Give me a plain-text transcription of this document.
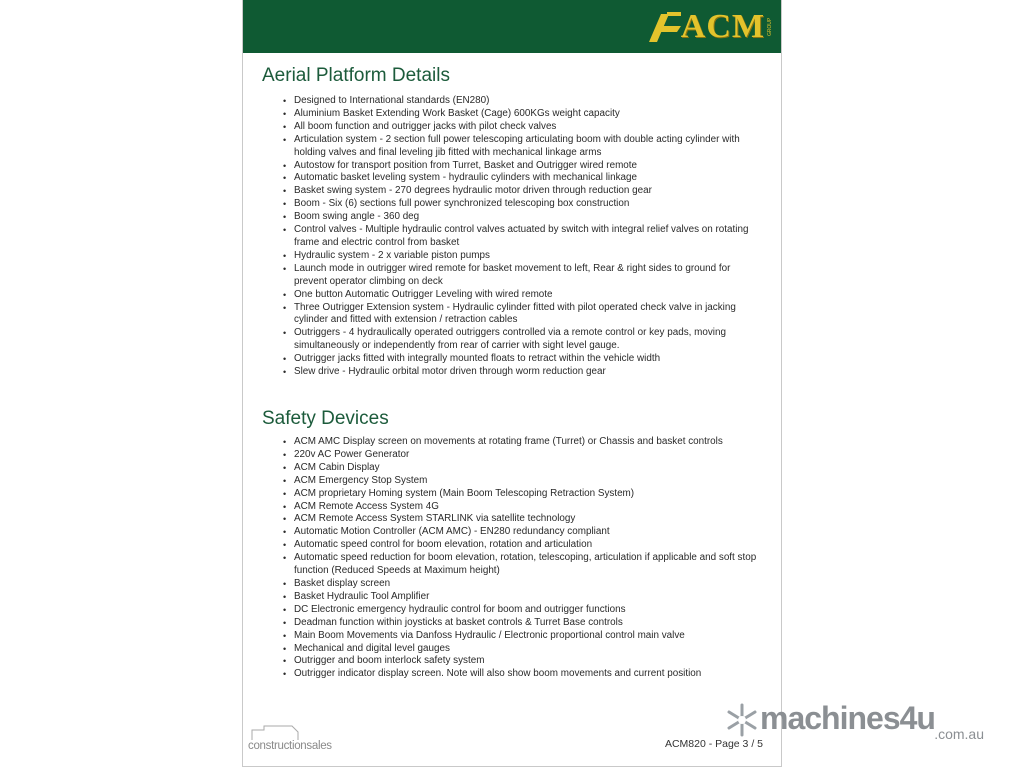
ACM GROUP
Aerial Platform Details
• Designed to International standards (EN280)
• Aluminium Basket Extending Work Basket (Cage) 600KGs weight capacity
• All boom function and outrigger jacks with pilot check valves
• Articulation system - 2 section full power telescoping articulating boom with double acting cylinder with holding valves and final leveling jib fitted with mechanical linkage arms
• Autostow for transport position from Turret, Basket and Outrigger wired remote
• Automatic basket leveling system - hydraulic cylinders with mechanical linkage
• Basket swing system - 270 degrees hydraulic motor driven through reduction gear
• Boom - Six (6) sections full power synchronized telescoping box construction
• Boom swing angle - 360 deg
• Control valves - Multiple hydraulic control valves actuated by switch with integral relief valves on rotating frame and electric control from basket
• Hydraulic system - 2 x variable piston pumps
• Launch mode in outrigger wired remote for basket movement to left, Rear & right sides to ground for prevent operator climbing on deck
• One button Automatic Outrigger Leveling with wired remote
• Three Outrigger Extension system - Hydraulic cylinder fitted with pilot operated check valve in jacking cylinder and fitted with extension / retraction cables
• Outriggers - 4 hydraulically operated outriggers controlled via a remote control or key pads, moving simultaneously or independently from rear of carrier with sight level gauge.
• Outrigger jacks fitted with integrally mounted floats to retract within the vehicle width
• Slew drive - Hydraulic orbital motor driven through worm reduction gear
Safety Devices
• ACM AMC Display screen on movements at rotating frame (Turret) or Chassis and basket controls
• 220v AC Power Generator
• ACM Cabin Display
• ACM Emergency Stop System
• ACM proprietary Homing system (Main Boom Telescoping Retraction System)
• ACM Remote Access System 4G
• ACM Remote Access System STARLINK via satellite technology
• Automatic Motion Controller (ACM AMC) - EN280 redundancy compliant
• Automatic speed control for boom elevation, rotation and articulation
• Automatic speed reduction for boom elevation, rotation, telescoping, articulation if applicable and soft stop function (Reduced Speeds at Maximum height)
• Basket display screen
• Basket Hydraulic Tool Amplifier
• DC Electronic emergency hydraulic control for boom and outrigger functions
• Deadman function within joysticks at basket controls & Turret Base controls
• Main Boom Movements via Danfoss Hydraulic / Electronic proportional control main valve
• Mechanical and digital level gauges
• Outrigger and boom interlock safety system
• Outrigger indicator display screen. Note will also show boom movements and current position
constructionsales	ACM820 - Page 3 / 5
machines4u .com.au
